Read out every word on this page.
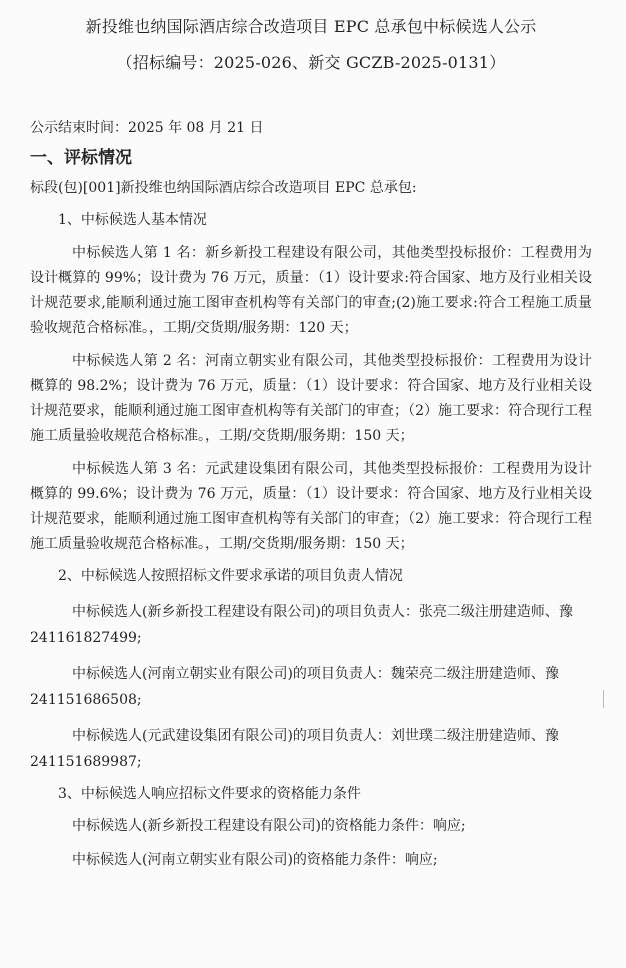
新投维也纳国际酒店综合改造项目 EPC 总承包中标候选人公示
（招标编号：2025-026、新交 GCZB-2025-0131）
公示结束时间：2025 年 08 月 21 日
一、评标情况
标段(包)[001]新投维也纳国际酒店综合改造项目 EPC 总承包:
1、中标候选人基本情况
中标候选人第 1 名：新乡新投工程建设有限公司，其他类型投标报价：工程费用为设计概算的 99%；设计费为 76 万元，质量：（1）设计要求:符合国家、地方及行业相关设计规范要求,能顺利通过施工图审查机构等有关部门的审查;(2)施工要求:符合工程施工质量验收规范合格标准。，工期/交货期/服务期：120 天；
中标候选人第 2 名：河南立朝实业有限公司，其他类型投标报价：工程费用为设计概算的 98.2%；设计费为 76 万元，质量：（1）设计要求：符合国家、地方及行业相关设计规范要求，能顺利通过施工图审查机构等有关部门的审查；（2）施工要求：符合现行工程施工质量验收规范合格标准。，工期/交货期/服务期：150 天；
中标候选人第 3 名：元武建设集团有限公司，其他类型投标报价：工程费用为设计概算的 99.6%；设计费为 76 万元，质量：（1）设计要求：符合国家、地方及行业相关设计规范要求，能顺利通过施工图审查机构等有关部门的审查；（2）施工要求：符合现行工程施工质量验收规范合格标准。，工期/交货期/服务期：150 天；
2、中标候选人按照招标文件要求承诺的项目负责人情况
中标候选人(新乡新投工程建设有限公司)的项目负责人：张亮二级注册建造师、豫
241161827499;
中标候选人(河南立朝实业有限公司)的项目负责人：魏荣亮二级注册建造师、豫
241151686508;
中标候选人(元武建设集团有限公司)的项目负责人：刘世璞二级注册建造师、豫
241151689987;
3、中标候选人响应招标文件要求的资格能力条件
中标候选人(新乡新投工程建设有限公司)的资格能力条件：响应;
中标候选人(河南立朝实业有限公司)的资格能力条件：响应;
